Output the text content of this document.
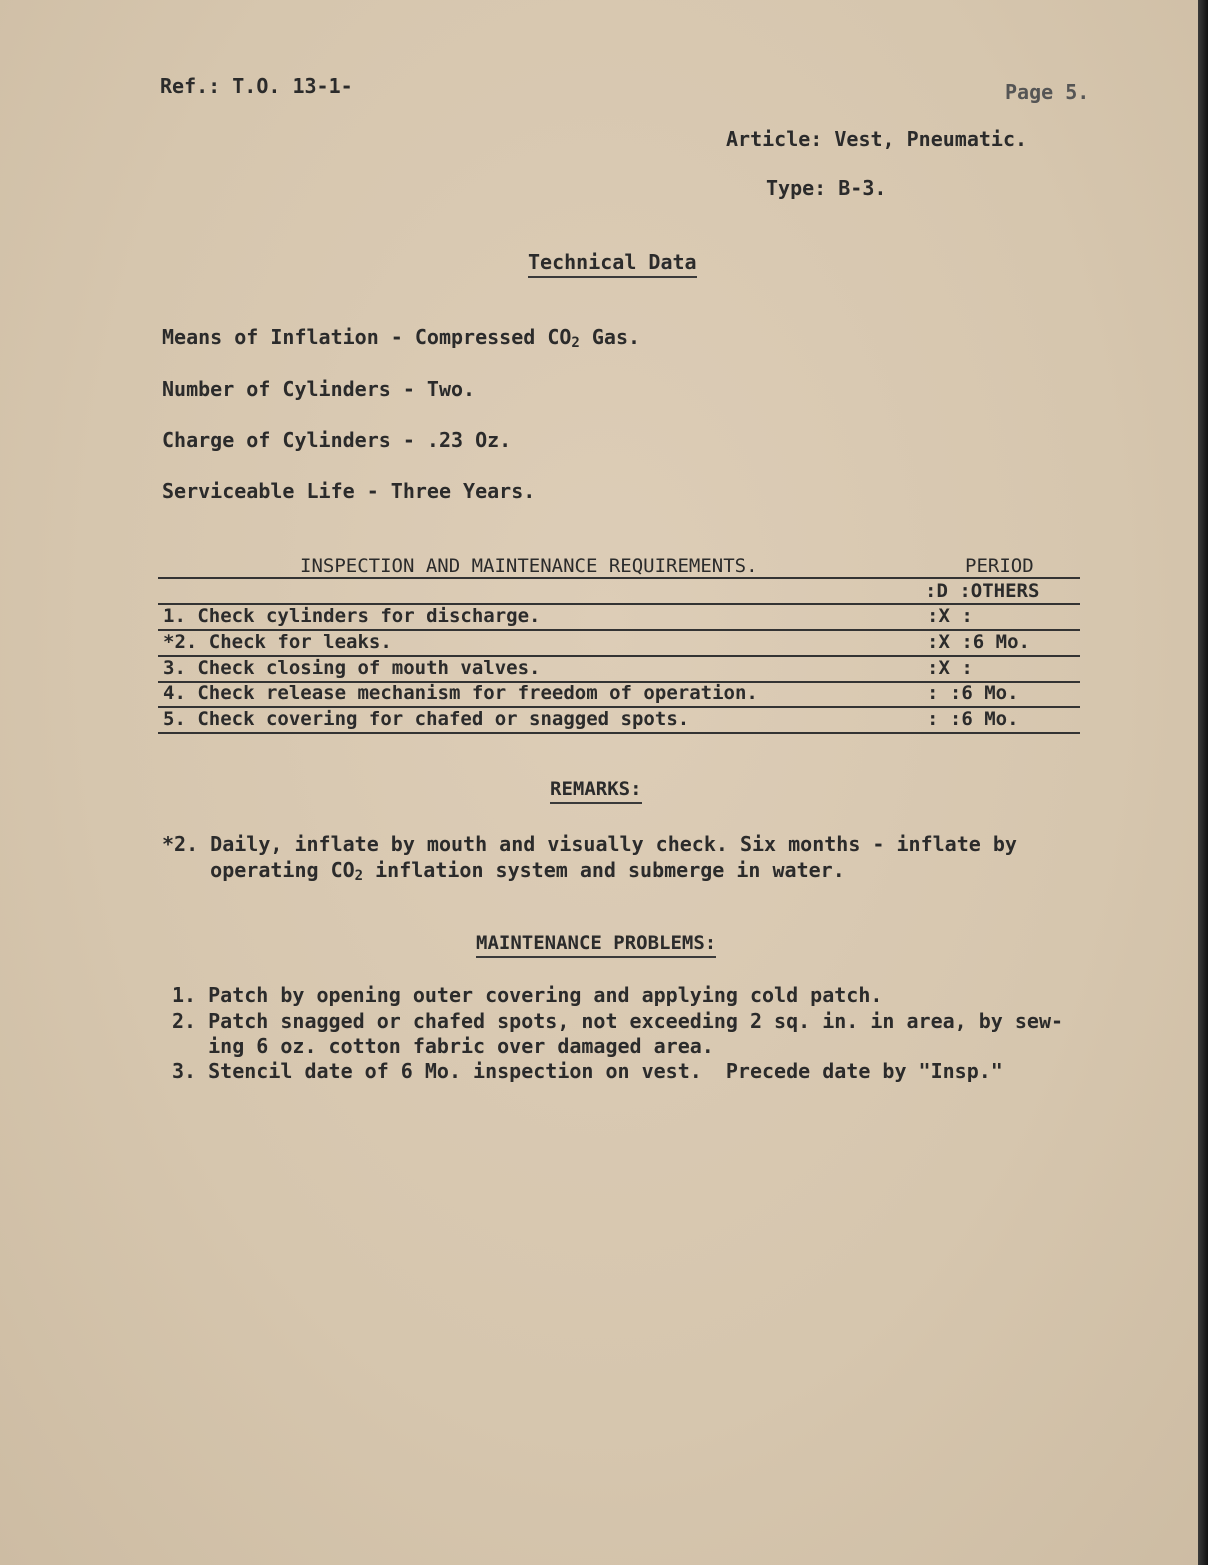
Ref.: T.O. 13-1-	Page 5.
Article: Vest, Pneumatic.
Type: B-3.
Technical Data
Means of Inflation - Compressed $CO_2$ Gas.
Number of Cylinders - Two.
Charge of Cylinders - .23 Oz.
Serviceable Life - Three Years.
INSPECTION AND MAINTENANCE REQUIREMENTS.	PERIOD
:D :OTHERS
1. Check cylinders for discharge.	:X :
*2. Check for leaks.	:X :6 Mo.
3. Check closing of mouth valves.	:X :
4. Check release mechanism for freedom of operation.	: :6 Mo.
5. Check covering for chafed or snagged spots.	: :6 Mo.
REMARKS:
*2. Daily, inflate by mouth and visually check. Six months - inflate by
operating $CO_2$ inflation system and submerge in water.
MAINTENANCE PROBLEMS:
1. Patch by opening outer covering and applying cold patch.
2. Patch snagged or chafed spots, not exceeding 2 sq. in. in area, by sew-
ing 6 oz. cotton fabric over damaged area.
3. Stencil date of 6 Mo. inspection on vest.  Precede date by "Insp."
